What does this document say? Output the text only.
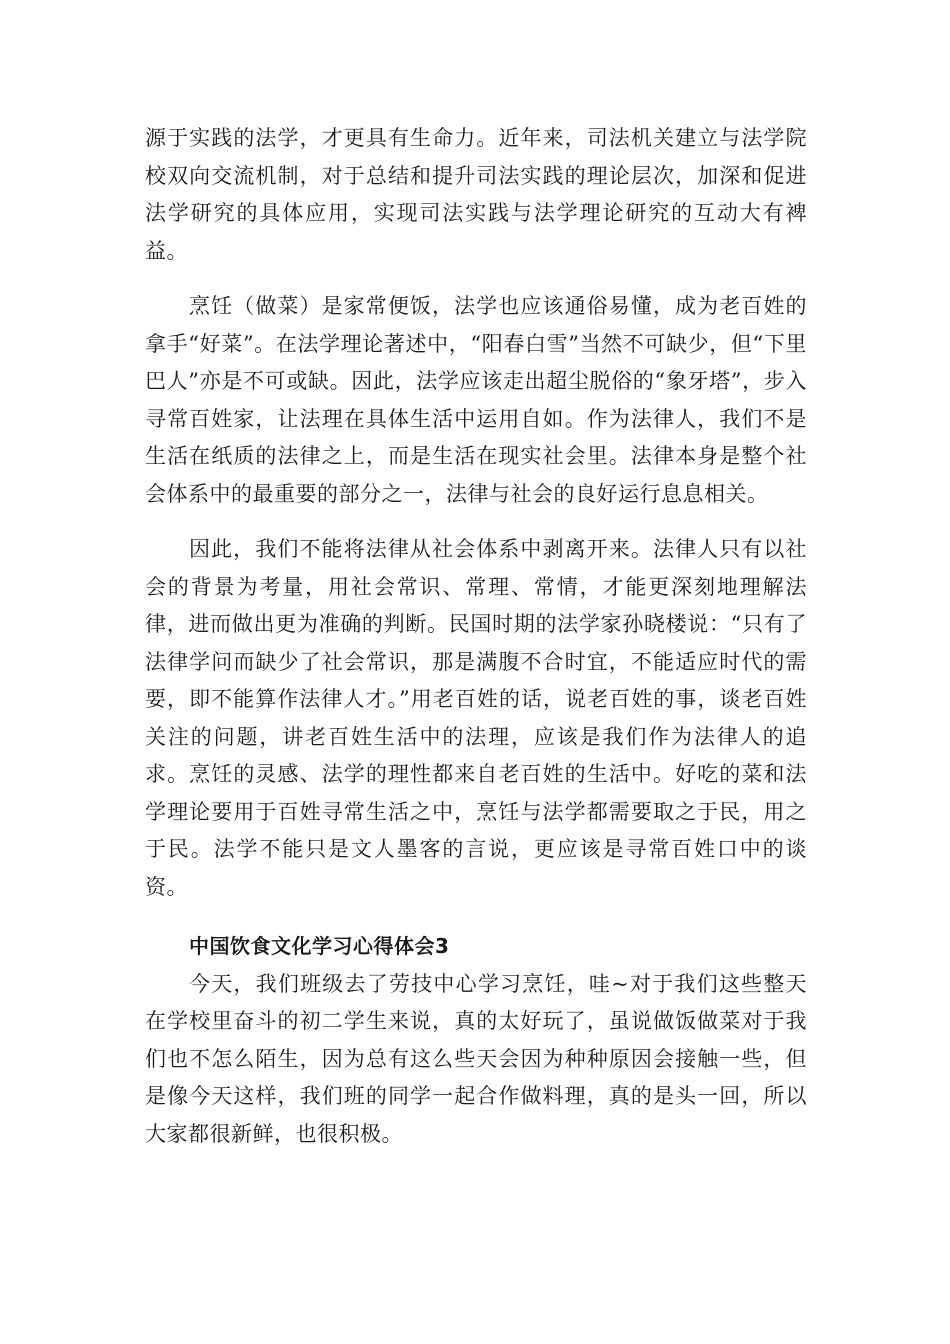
源于实践的法学，才更具有生命力。近年来，司法机关建立与法学院校双向交流机制，对于总结和提升司法实践的理论层次，加深和促进法学研究的具体应用，实现司法实践与法学理论研究的互动大有裨益。

烹饪（做菜）是家常便饭，法学也应该通俗易懂，成为老百姓的拿手“好菜”。在法学理论著述中，“阳春白雪”当然不可缺少，但“下里巴人”亦是不可或缺。因此，法学应该走出超尘脱俗的“象牙塔”，步入寻常百姓家，让法理在具体生活中运用自如。作为法律人，我们不是生活在纸质的法律之上，而是生活在现实社会里。法律本身是整个社会体系中的最重要的部分之一，法律与社会的良好运行息息相关。

因此，我们不能将法律从社会体系中剥离开来。法律人只有以社会的背景为考量，用社会常识、常理、常情，才能更深刻地理解法律，进而做出更为准确的判断。民国时期的法学家孙晓楼说：“只有了法律学问而缺少了社会常识，那是满腹不合时宜，不能适应时代的需要，即不能算作法律人才。”用老百姓的话，说老百姓的事，谈老百姓关注的问题，讲老百姓生活中的法理，应该是我们作为法律人的追求。烹饪的灵感、法学的理性都来自老百姓的生活中。好吃的菜和法学理论要用于百姓寻常生活之中，烹饪与法学都需要取之于民，用之于民。法学不能只是文人墨客的言说，更应该是寻常百姓口中的谈资。

中国饮食文化学习心得体会3

今天，我们班级去了劳技中心学习烹饪，哇~对于我们这些整天在学校里奋斗的初二学生来说，真的太好玩了，虽说做饭做菜对于我们也不怎么陌生，因为总有这么些天会因为种种原因会接触一些，但是像今天这样，我们班的同学一起合作做料理，真的是头一回，所以大家都很新鲜，也很积极。
